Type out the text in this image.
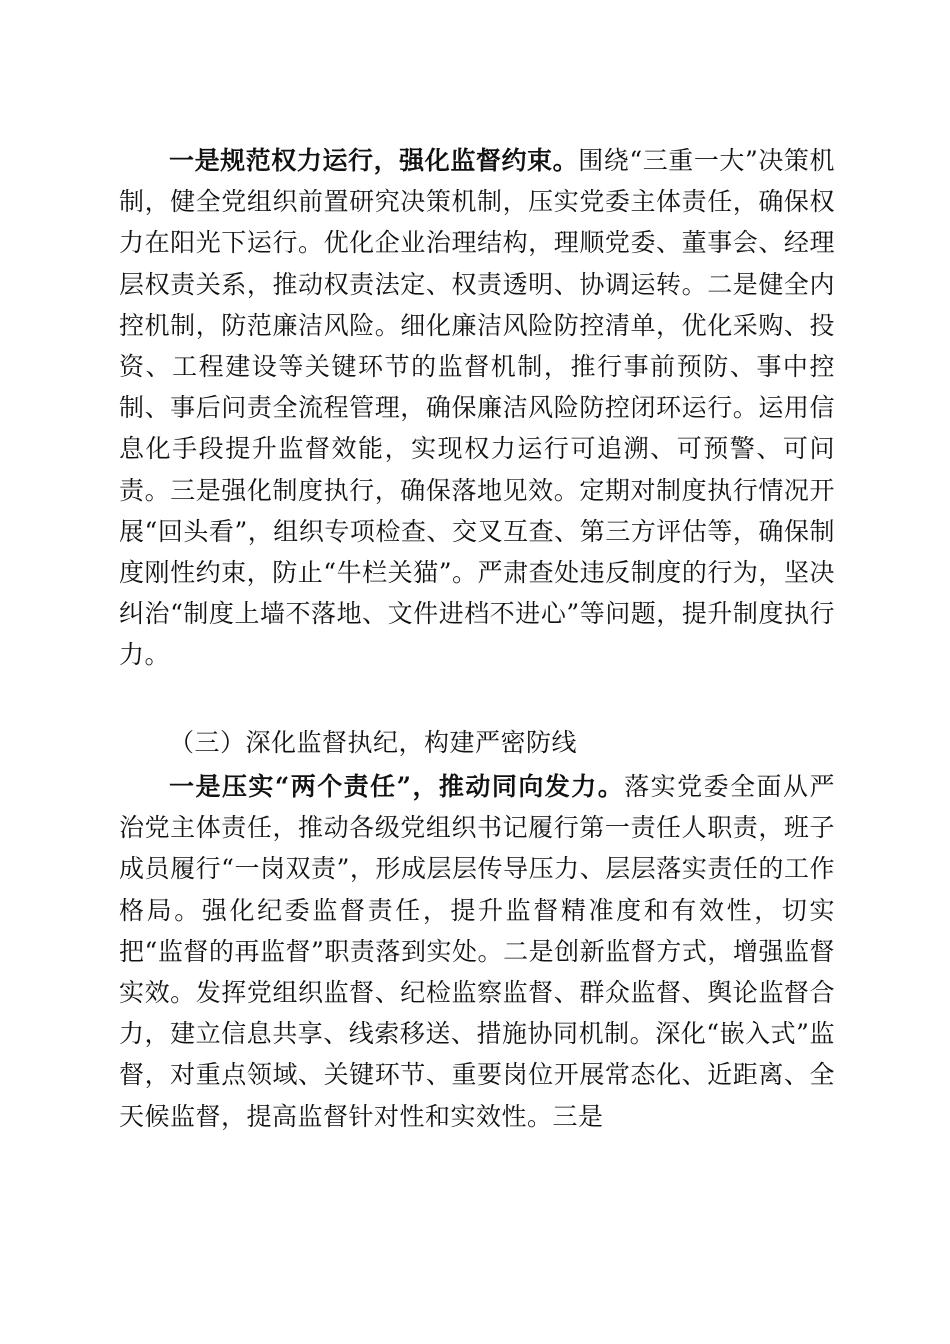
一是规范权力运行，强化监督约束。围绕“三重一大”决策机制，健全党组织前置研究决策机制，压实党委主体责任，确保权力在阳光下运行。优化企业治理结构，理顺党委、董事会、经理层权责关系，推动权责法定、权责透明、协调运转。二是健全内控机制，防范廉洁风险。细化廉洁风险防控清单，优化采购、投资、工程建设等关键环节的监督机制，推行事前预防、事中控制、事后问责全流程管理，确保廉洁风险防控闭环运行。运用信息化手段提升监督效能，实现权力运行可追溯、可预警、可问责。三是强化制度执行，确保落地见效。定期对制度执行情况开展“回头看”，组织专项检查、交叉互查、第三方评估等，确保制度刚性约束，防止“牛栏关猫”。严肃查处违反制度的行为，坚决纠治“制度上墙不落地、文件进档不进心”等问题，提升制度执行力。

（三）深化监督执纪，构建严密防线

一是压实“两个责任”，推动同向发力。落实党委全面从严治党主体责任，推动各级党组织书记履行第一责任人职责，班子成员履行“一岗双责”，形成层层传导压力、层层落实责任的工作格局。强化纪委监督责任，提升监督精准度和有效性，切实把“监督的再监督”职责落到实处。二是创新监督方式，增强监督实效。发挥党组织监督、纪检监察监督、群众监督、舆论监督合力，建立信息共享、线索移送、措施协同机制。深化“嵌入式”监督，对重点领域、关键环节、重要岗位开展常态化、近距离、全天候监督，提高监督针对性和实效性。三是
